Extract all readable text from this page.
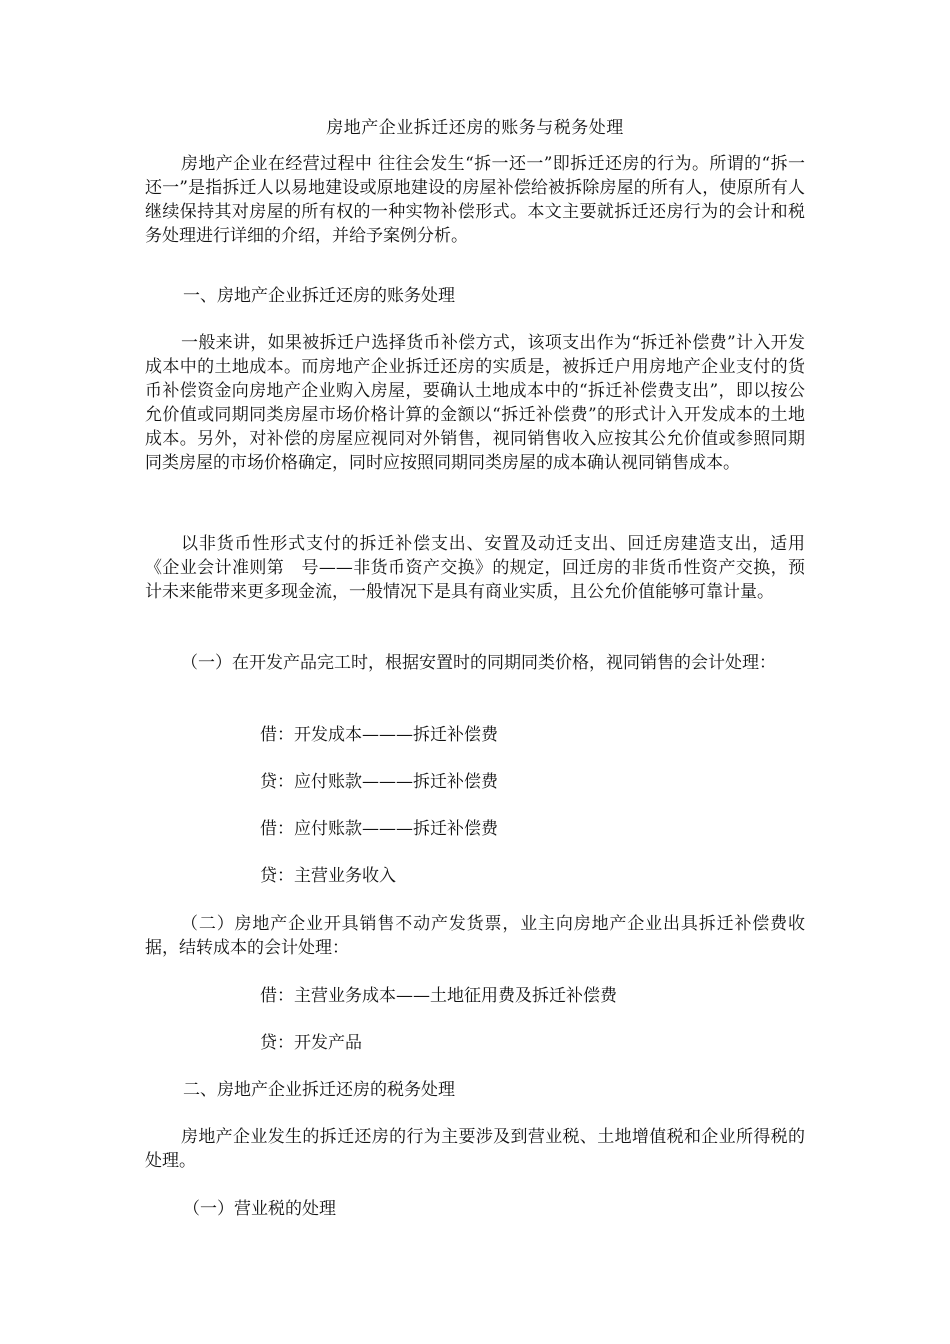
房地产企业拆迁还房的账务与税务处理

房地产企业在经营过程中 往往会发生“拆一还一”即拆迁还房的行为。所谓的“拆一还一”是指拆迁人以易地建设或原地建设的房屋补偿给被拆除房屋的所有人，使原所有人继续保持其对房屋的所有权的一种实物补偿形式。本文主要就拆迁还房行为的会计和税务处理进行详细的介绍，并给予案例分析。

一、房地产企业拆迁还房的账务处理

一般来讲，如果被拆迁户选择货币补偿方式，该项支出作为“拆迁补偿费”计入开发成本中的土地成本。而房地产企业拆迁还房的实质是，被拆迁户用房地产企业支付的货币补偿资金向房地产企业购入房屋，要确认土地成本中的“拆迁补偿费支出”，即以按公允价值或同期同类房屋市场价格计算的金额以“拆迁补偿费”的形式计入开发成本的土地成本。另外，对补偿的房屋应视同对外销售，视同销售收入应按其公允价值或参照同期同类房屋的市场价格确定，同时应按照同期同类房屋的成本确认视同销售成本。

以非货币性形式支付的拆迁补偿支出、安置及动迁支出、回迁房建造支出，适用《企业会计准则第　号——非货币资产交换》的规定，回迁房的非货币性资产交换，预计未来能带来更多现金流，一般情况下是具有商业实质，且公允价值能够可靠计量。

（一）在开发产品完工时，根据安置时的同期同类价格，视同销售的会计处理：

借：开发成本———拆迁补偿费

贷：应付账款———拆迁补偿费

借：应付账款———拆迁补偿费

贷：主营业务收入

（二）房地产企业开具销售不动产发货票，业主向房地产企业出具拆迁补偿费收据，结转成本的会计处理：

借：主营业务成本——土地征用费及拆迁补偿费

贷：开发产品

二、房地产企业拆迁还房的税务处理

房地产企业发生的拆迁还房的行为主要涉及到营业税、土地增值税和企业所得税的处理。

（一）营业税的处理
